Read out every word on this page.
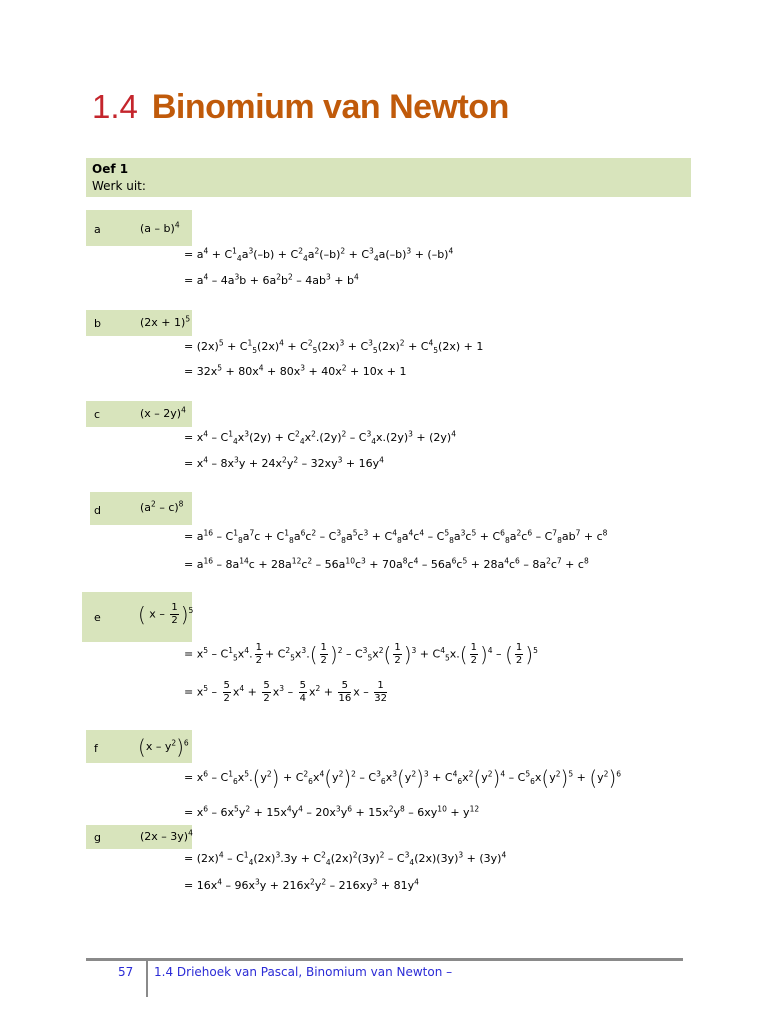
1.4 Binomium van Newton
Oef 1
Werk uit:
a	(a – b)$^4$
= $a^4 + C^1_4a^3(-b) + C^2_4a^2(-b)^2 + C^3_4a(-b)^3 + (-b)^4$
= $a^4 - 4a^3b + 6a^2b^2 - 4ab^3 + b^4$
b	$(2x + 1)^5$
= $(2x)^5 + C^1_5(2x)^4 + C^2_5(2x)^3 + C^3_5(2x)^2 + C^4_5(2x) + 1$
= $32x^5 + 80x^4 + 80x^3 + 40x^2 + 10x + 1$
c	(x – 2y)$^4$
= $x^4 - C^1_4x^3(2y) + C^2_4x^2.(2y)^2 - C^3_4x.(2y)^3 + (2y)^4$
= $x^4 - 8x^3y + 24x^2y^2 - 32xy^3 + 16y^4$
d	$(a^2 - c)^8$
= $a^{16} - C^1_8a^7c + C^1_8a^6c^2 - C^3_8a^5c^3 + C^4_8a^4c^4 - C^5_8a^3c^5 + C^6_8a^2c^6 - C^7_8ab^7 + c^8$
= $a^{16} - 8a^{14}c + 28a^{12}c^2 - 56a^{10}c^3 + 70a^8c^4 - 56a^6c^5 + 28a^4c^6 - 8a^2c^7 + c^8$
e ( x – $\frac{1}{2} )^5$
= $x^5 - C^1_5x^4$. $\frac{1}{2} + C^2_5x^3.( \frac{1}{2} )^2 - C^3_5x^2( \frac{1}{2} )^3 + C^4_5x.( \frac{1}{2} )^4$ – ( $\frac{1}{2} )^5$
= $x^5 - \frac{5}{2} x^4 + \frac{5}{2} x^3 - \frac{5}{4} x^2 + \frac{5}{16}$ x – $\frac{1}{32}$
f $(x - y^2)^6$
= $x^6 - C^1_6x^5.(y^2) + C^2_6x^4(y^2)^2 - C^3_6x^3(y^2)^3 + C^4_6x^2(y^2)^4 - C^5_6x(y^2)^5 + (y^2)^6$
= $x^6 - 6x^5y^2 + 15x^4y^4 - 20x^3y^6 + 15x^2y^8 - 6xy^{10} + y^{12}$
g	(2x – 3y)$^4$
= $(2x)^4 - C^1_4(2x)^3.3y + C^2_4(2x)^2(3y)^2 - C^3_4(2x)(3y)^3 + (3y)^4$
= $16x^4 - 96x^3y + 216x^2y^2 - 216xy^3 + 81y^4$
57 1.4 Driehoek van Pascal, Binomium van Newton –
